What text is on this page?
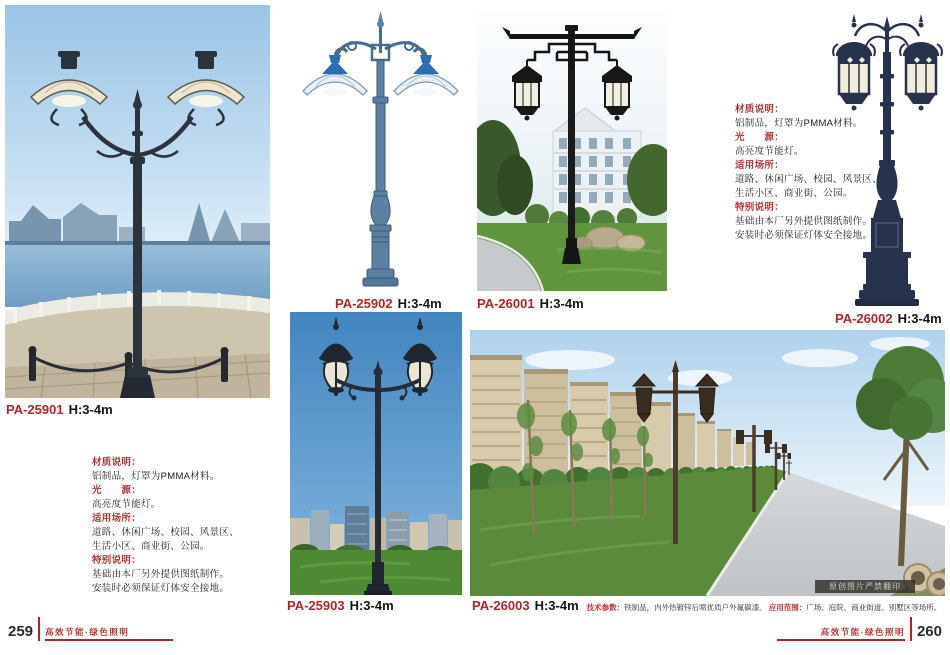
PA-25901 H:3-4m
PA-25902 H:3-4m	PA-26001 H:3-4m
PA-26002 H:3-4m
PA-25903 H:3-4m	PA-26003 H:3-4m 技术参数：铁制品，内外热镀锌后喷优质户外氟碳漆。 应用范围：广场、庭院、商业街道、别墅区等场所。
材质说明：
铝制品，灯罩为PMMA材料。
光　　源：
高亮度节能灯。
适用场所：
道路、休闲广场、校园、风景区、
生活小区、商业街、公园。
特别说明：
基础由本厂另外提供图纸制作。
安装时必须保证灯体安全接地。
材质说明：
铝制品，灯罩为PMMA材料。
光　　源：
高亮度节能灯。
适用场所：
道路、休闲广场、校园、风景区、
生活小区、商业街、公园。
特别说明：
基础由本厂另外提供图纸制作。
安装时必须保证灯体安全接地。
原创图片严禁翻印
259 高效节能·绿色照明	高效节能·绿色照明 260
